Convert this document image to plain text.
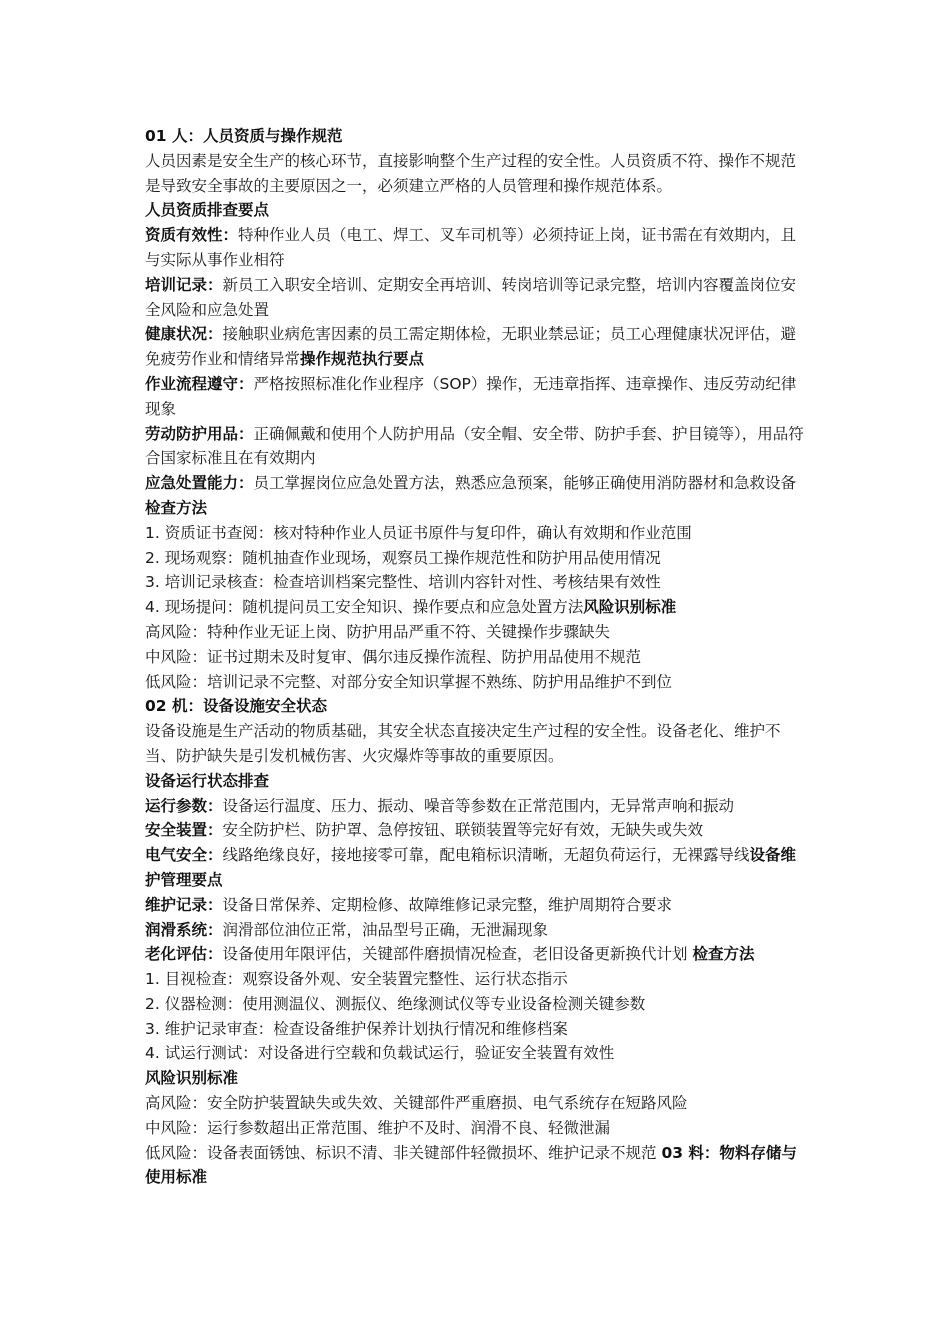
01 人：人员资质与操作规范

人员因素是安全生产的核心环节，直接影响整个生产过程的安全性。人员资质不符、操作不规范是导致安全事故的主要原因之一，必须建立严格的人员管理和操作规范体系。

人员资质排查要点

资质有效性：特种作业人员（电工、焊工、叉车司机等）必须持证上岗，证书需在有效期内，且与实际从事作业相符

培训记录：新员工入职安全培训、定期安全再培训、转岗培训等记录完整，培训内容覆盖岗位安全风险和应急处置

健康状况：接触职业病危害因素的员工需定期体检，无职业禁忌证；员工心理健康状况评估，避免疲劳作业和情绪异常操作规范执行要点

作业流程遵守：严格按照标准化作业程序（SOP）操作，无违章指挥、违章操作、违反劳动纪律现象

劳动防护用品：正确佩戴和使用个人防护用品（安全帽、安全带、防护手套、护目镜等），用品符合国家标准且在有效期内

应急处置能力：员工掌握岗位应急处置方法，熟悉应急预案，能够正确使用消防器材和急救设备检查方法

1. 资质证书查阅：核对特种作业人员证书原件与复印件，确认有效期和作业范围

2. 现场观察：随机抽查作业现场，观察员工操作规范性和防护用品使用情况

3. 培训记录核查：检查培训档案完整性、培训内容针对性、考核结果有效性

4. 现场提问：随机提问员工安全知识、操作要点和应急处置方法风险识别标准

高风险：特种作业无证上岗、防护用品严重不符、关键操作步骤缺失

中风险：证书过期未及时复审、偶尔违反操作流程、防护用品使用不规范

低风险：培训记录不完整、对部分安全知识掌握不熟练、防护用品维护不到位

02 机：设备设施安全状态

设备设施是生产活动的物质基础，其安全状态直接决定生产过程的安全性。设备老化、维护不当、防护缺失是引发机械伤害、火灾爆炸等事故的重要原因。

设备运行状态排查

运行参数：设备运行温度、压力、振动、噪音等参数在正常范围内，无异常声响和振动

安全装置：安全防护栏、防护罩、急停按钮、联锁装置等完好有效，无缺失或失效

电气安全：线路绝缘良好，接地接零可靠，配电箱标识清晰，无超负荷运行，无裸露导线设备维护管理要点

维护记录：设备日常保养、定期检修、故障维修记录完整，维护周期符合要求

润滑系统：润滑部位油位正常，油品型号正确，无泄漏现象

老化评估：设备使用年限评估，关键部件磨损情况检查，老旧设备更新换代计划 检查方法

1. 目视检查：观察设备外观、安全装置完整性、运行状态指示

2. 仪器检测：使用测温仪、测振仪、绝缘测试仪等专业设备检测关键参数

3. 维护记录审查：检查设备维护保养计划执行情况和维修档案

4. 试运行测试：对设备进行空载和负载试运行，验证安全装置有效性

风险识别标准

高风险：安全防护装置缺失或失效、关键部件严重磨损、电气系统存在短路风险

中风险：运行参数超出正常范围、维护不及时、润滑不良、轻微泄漏

低风险：设备表面锈蚀、标识不清、非关键部件轻微损坏、维护记录不规范 03 料：物料存储与使用标准
